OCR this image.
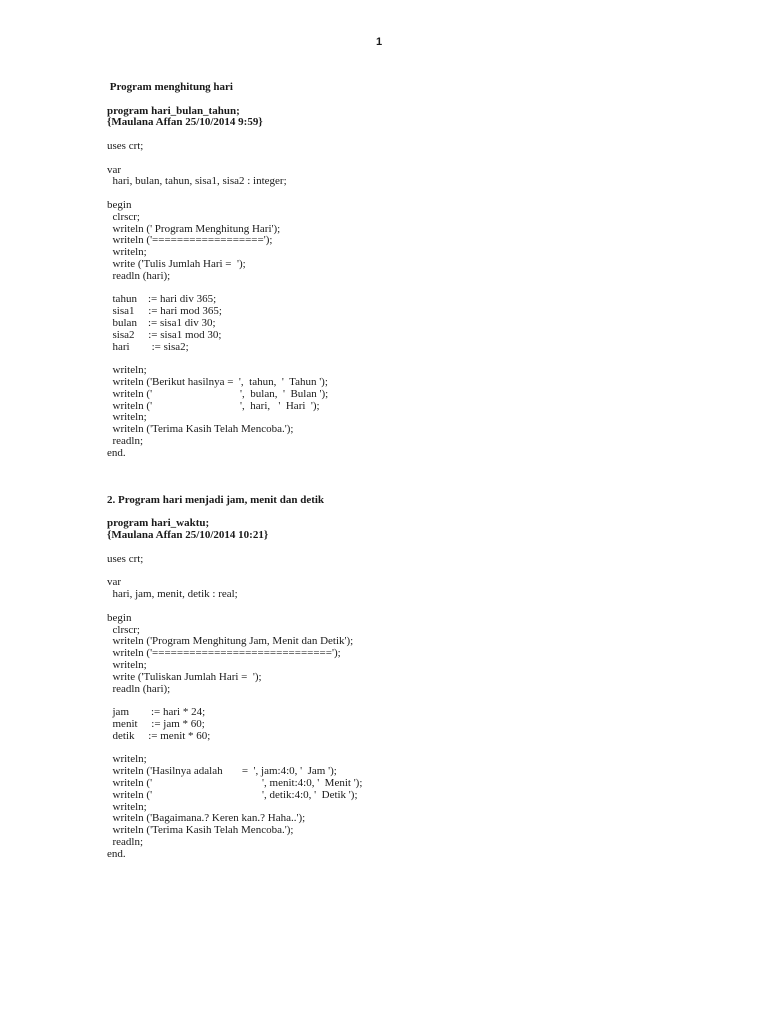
1
Program menghitung hari
program hari_bulan_tahun;
{Maulana Affan 25/10/2014 9:59}
uses crt;
var
hari, bulan, tahun, sisa1, sisa2 : integer;
begin
clrscr;
writeln (' Program Menghitung Hari');
writeln ('==================');
writeln;
write ('Tulis Jumlah Hari =  ');
readln (hari);
tahun    := hari div 365;
sisa1     := hari mod 365;
bulan    := sisa1 div 30;
sisa2     := sisa1 mod 30;
hari        := sisa2;
writeln;
writeln ('Berikut hasilnya =  ',  tahun,  '  Tahun ');
writeln ('                                ',  bulan,  '  Bulan ');
writeln ('                                ',  hari,   '  Hari  ');
writeln;
writeln ('Terima Kasih Telah Mencoba.');
readln;
end.
2. Program hari menjadi jam, menit dan detik
program hari_waktu;
{Maulana Affan 25/10/2014 10:21}
uses crt;
var
hari, jam, menit, detik : real;
begin
clrscr;
writeln ('Program Menghitung Jam, Menit dan Detik');
writeln ('=============================');
writeln;
write ('Tuliskan Jumlah Hari =  ');
readln (hari);
jam        := hari * 24;
menit     := jam * 60;
detik     := menit * 60;
writeln;
writeln ('Hasilnya adalah       =  ', jam:4:0, '  Jam ');
writeln ('                                        ', menit:4:0, '  Menit ');
writeln ('                                        ', detik:4:0, '  Detik ');
writeln;
writeln ('Bagaimana.? Keren kan.? Haha..');
writeln ('Terima Kasih Telah Mencoba.');
readln;
end.
